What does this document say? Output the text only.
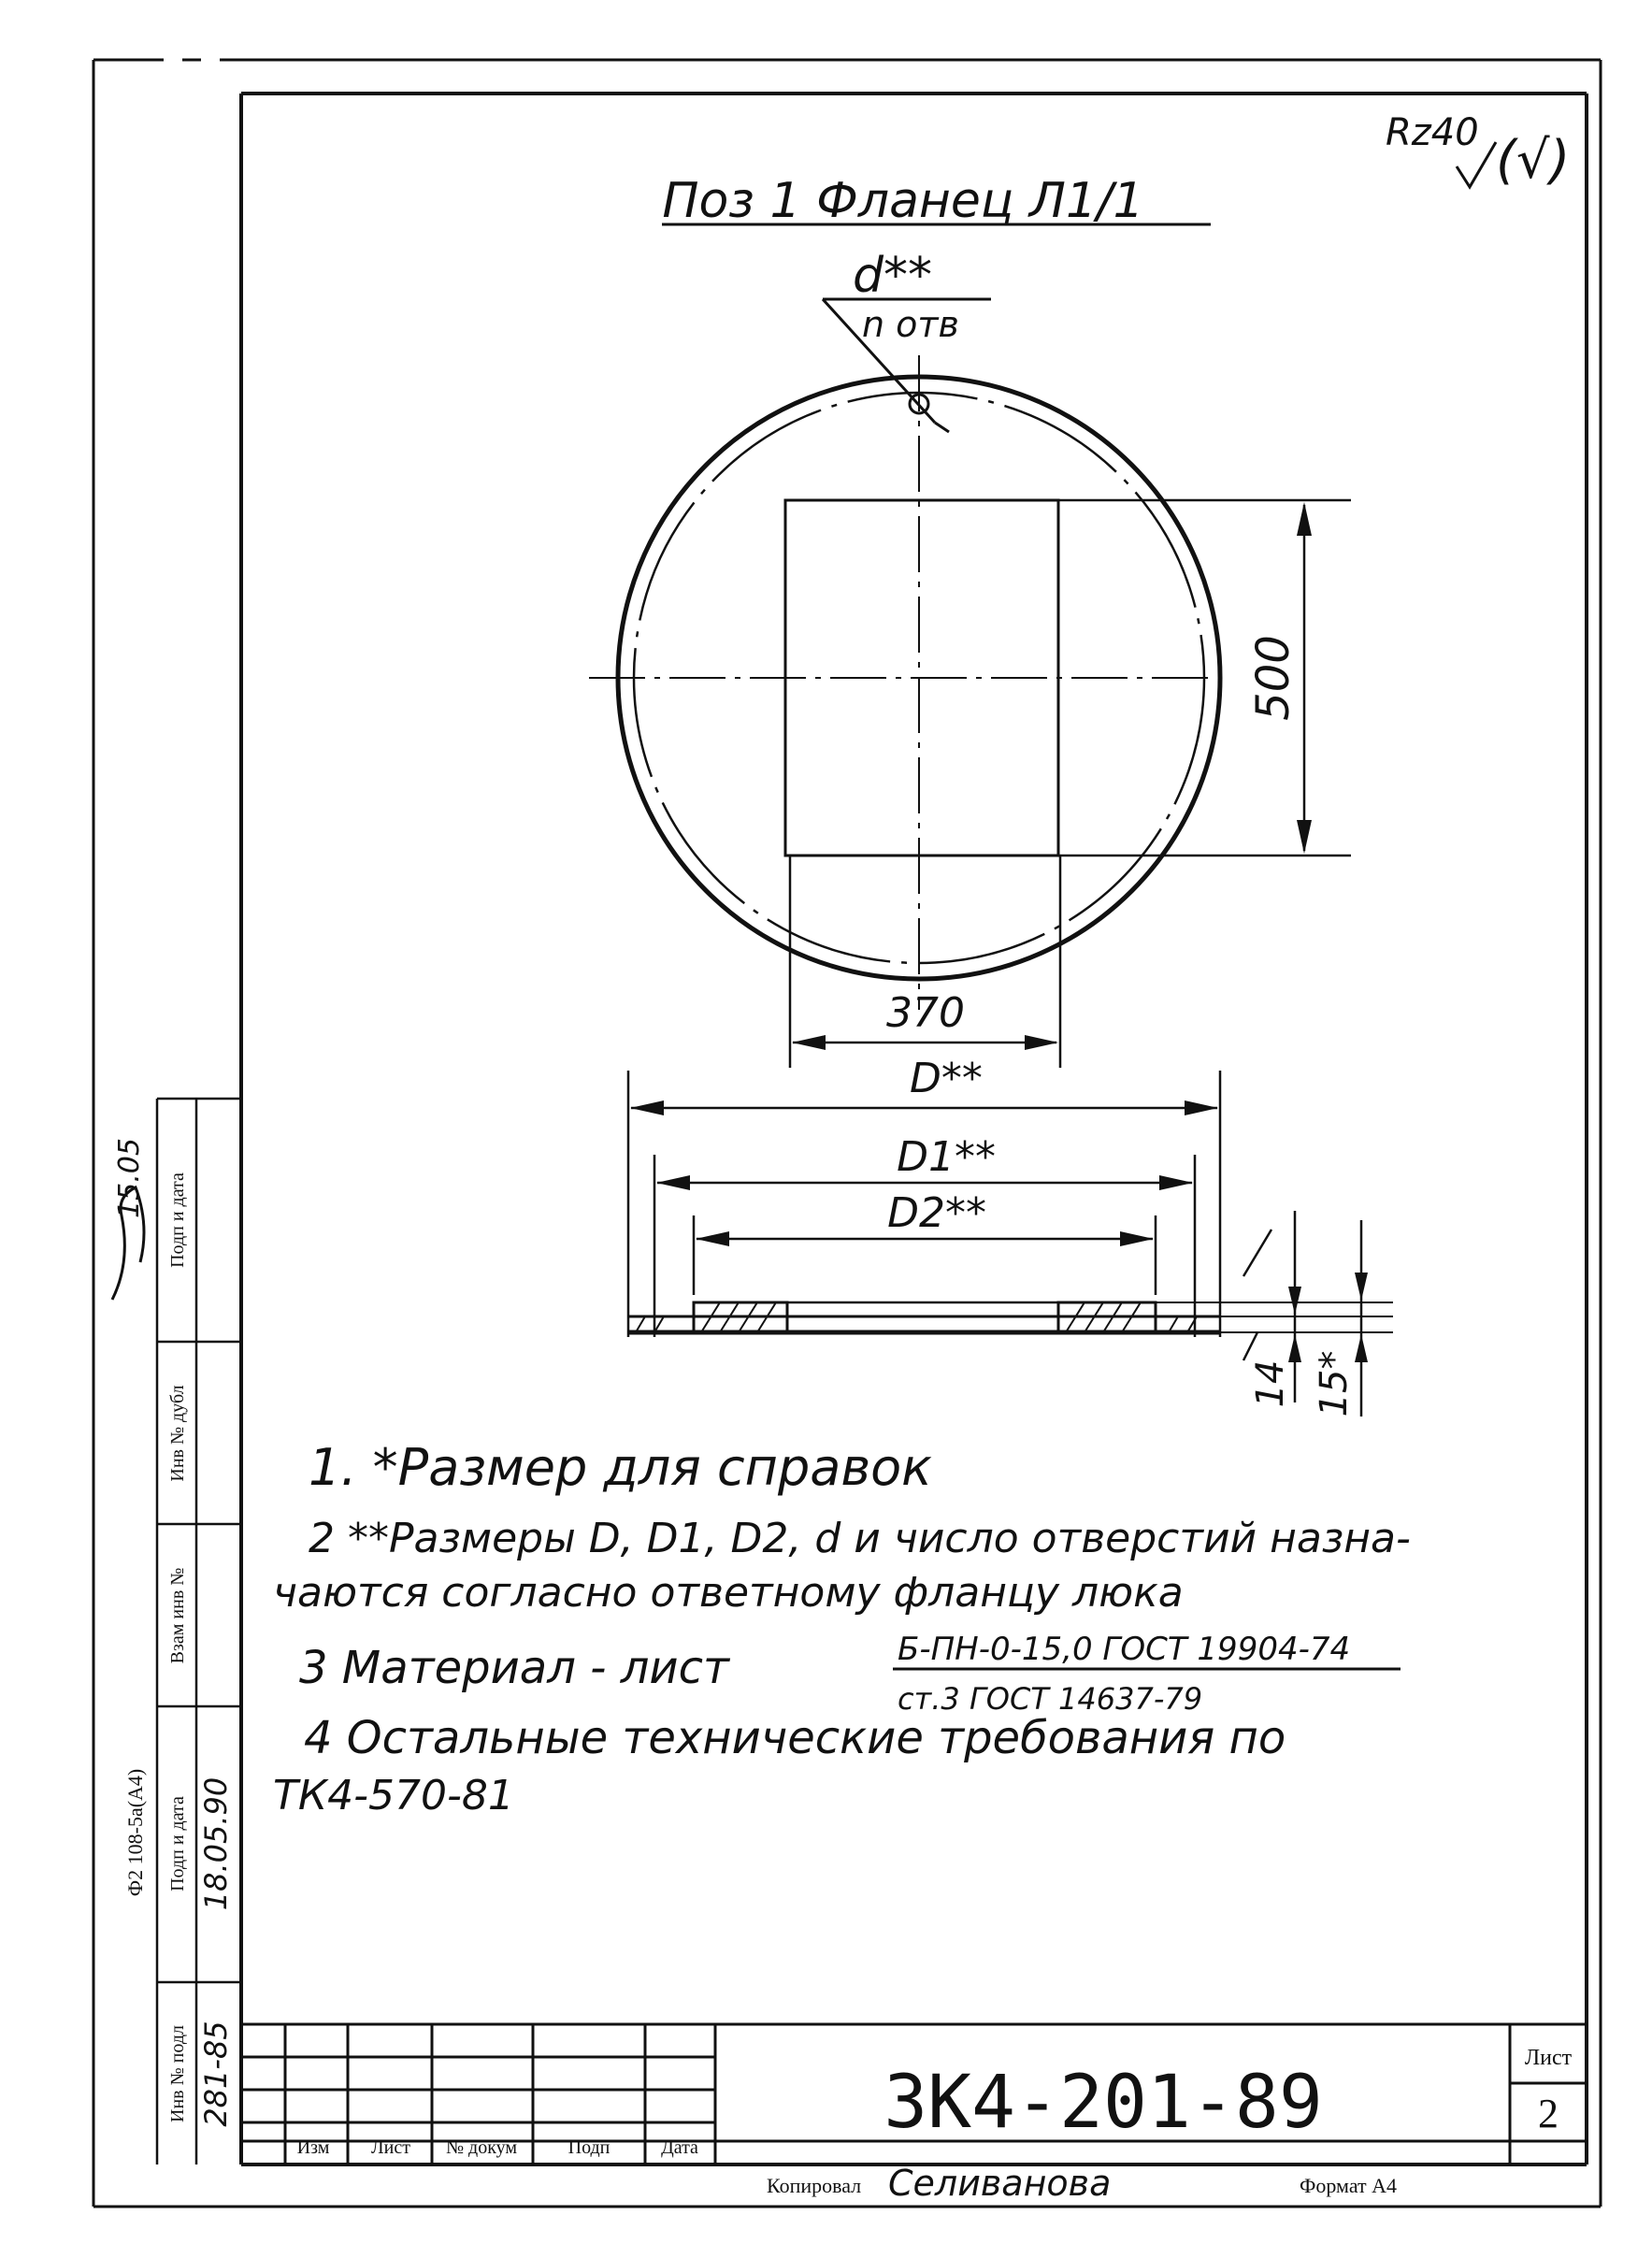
Ф2 108-5а(А4)
Инв № подл
Подп и дата
Взам инв №
Инв № дубл
Подп и дата
281-85
18.05.90
15.05
Поз 1 Фланец Л1/1
Rz40 (√)
d**
n отв
500
370
D**
D1**
D2**
14 15*
1. *Размер для справок
2 **Размеры D, D1, D2, d и число отверстий назна-
чаются согласно ответному фланцу люка
3 Материал - лист	Б-ПН-0-15,0 ГОСТ 19904-74
ст.3 ГОСТ 14637-79
4 Остальные технические требования по
ТК4-570-81
Изм Лист № докум	Подп	Дата
3К4-201-89
Лист
2
Копировал Селиванова	Формат А4
